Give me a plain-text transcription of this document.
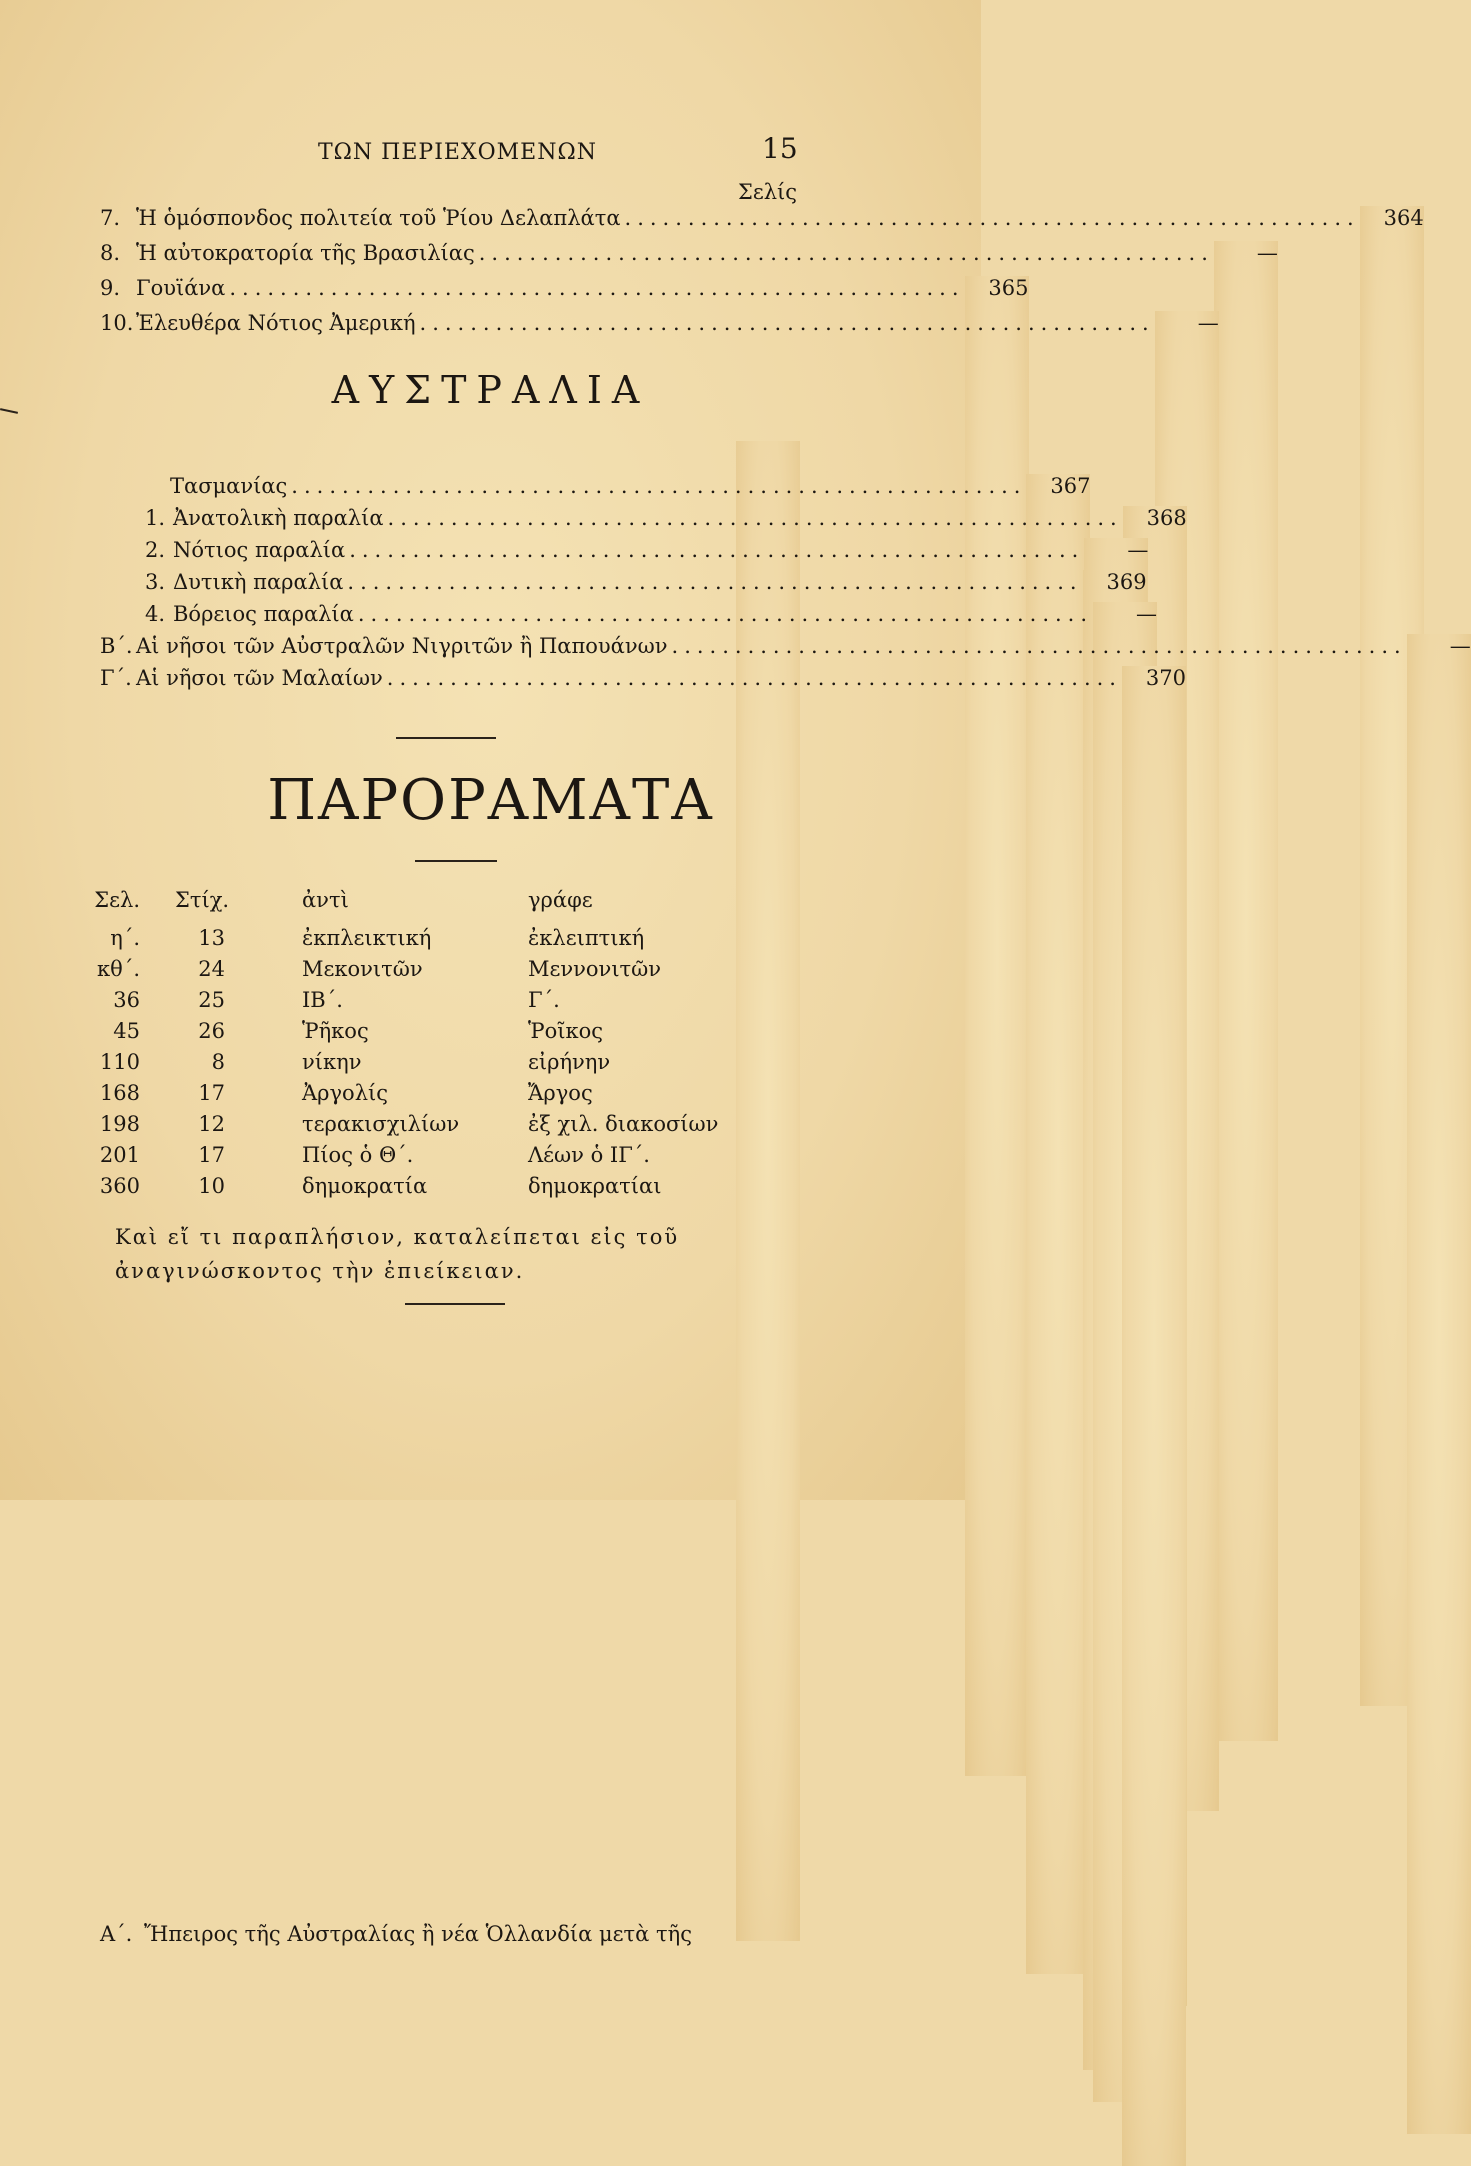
ΤΩΝ ΠΕΡΙΕΧΟΜΕΝΩΝ	15
Σελίς
7. Ἡ ὁμόσπονδος πολιτεία τοῦ Ῥίου Δελαπλάτα ..........................................................	364
8. Ἡ αὐτοκρατορία τῆς Βρασιλίας ..........................................................	—
9. Γουϊάνα ..........................................................	365
10. Ἐλευθέρα Νότιος Ἀμερική ..........................................................	—
ΑΥΣΤΡΑΛΙΑ
Α΄. Ἤπειρος τῆς Αὐστραλίας ἢ νέα Ὁλλανδία μετὰ τῆς
Τασμανίας ..........................................................	367
1. Ἀνατολικὴ παραλία ..........................................................	368
2. Νότιος παραλία ..........................................................	—
3. Δυτικὴ παραλία ..........................................................	369
4. Βόρειος παραλία ..........................................................	—
Β΄. Αἱ νῆσοι τῶν Αὐστραλῶν Νιγριτῶν ἢ Παπουάνων ..........................................................	—
Γ΄. Αἱ νῆσοι τῶν Μαλαίων ..........................................................	370
ΠΑΡΟΡΑΜΑΤΑ
Σελ. Στίχ.	ἀντὶ	γράφε
η΄.	13	ἐκπλεικτική	ἐκλειπτική
κθ΄.	24	Μεκονιτῶν	Μεννονιτῶν
36	25	ΙΒ΄.	Γ΄.
45	26	Ῥῆκος	Ῥοῖκος
110	8	νίκην	εἰρήνην
168	17	Ἀργολίς	Ἄργος
198	12	τερακισχιλίων	ἐξ χιλ. διακοσίων
201	17	Πίος ὁ Θ΄.	Λέων ὁ ΙΓ΄.
360	10	δημοκρατία	δημοκρατίαι
Καὶ εἴ τι παραπλήσιον, καταλείπεται εἰς τοῦ ἀναγινώσκοντος τὴν ἐπιείκειαν.
